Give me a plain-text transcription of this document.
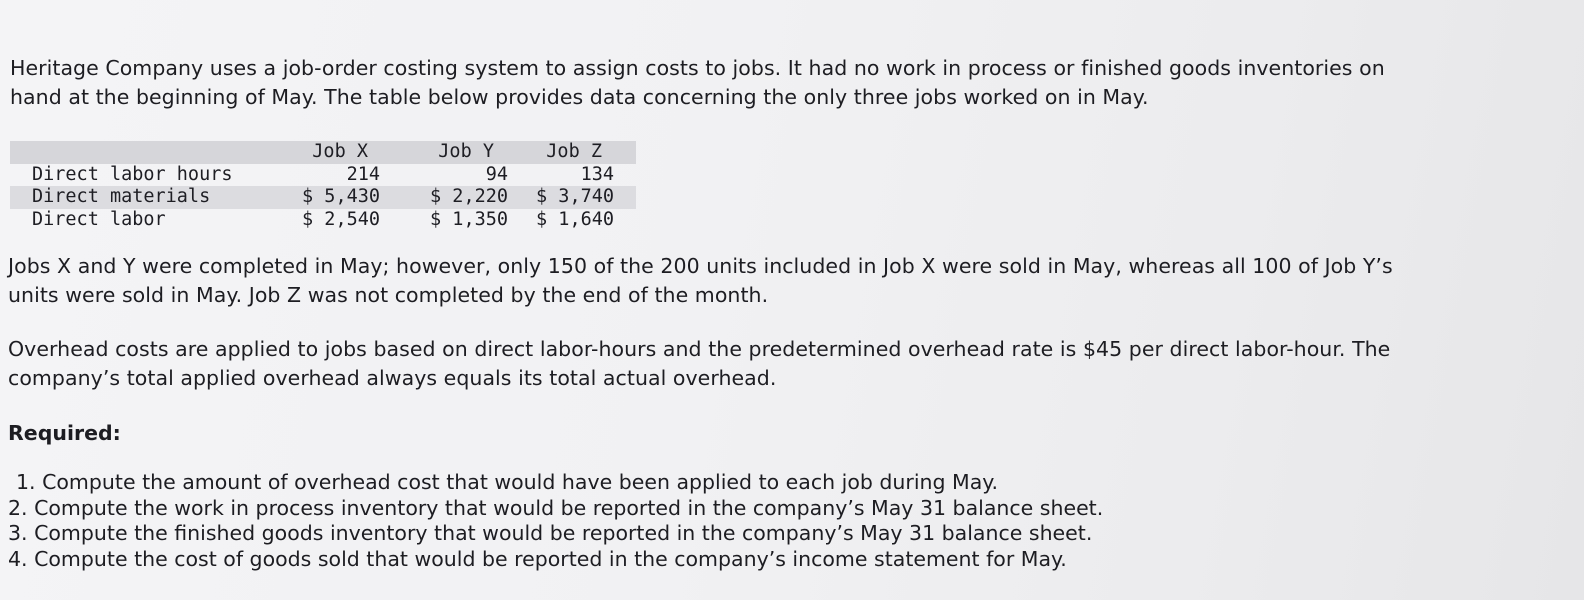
Heritage Company uses a job-order costing system to assign costs to jobs. It had no work in process or finished goods inventories on hand at the beginning of May. The table below provides data concerning the only three jobs worked on in May.

	Job X	Job Y	Job Z
Direct labor hours	214	94	134
Direct materials	$ 5,430	$ 2,220	$ 3,740
Direct labor	$ 2,540	$ 1,350	$ 1,640

Jobs X and Y were completed in May; however, only 150 of the 200 units included in Job X were sold in May, whereas all 100 of Job Y’s units were sold in May. Job Z was not completed by the end of the month.

Overhead costs are applied to jobs based on direct labor-hours and the predetermined overhead rate is $45 per direct labor-hour. The company’s total applied overhead always equals its total actual overhead.

Required:

1. Compute the amount of overhead cost that would have been applied to each job during May.
2. Compute the work in process inventory that would be reported in the company’s May 31 balance sheet.
3. Compute the finished goods inventory that would be reported in the company’s May 31 balance sheet.
4. Compute the cost of goods sold that would be reported in the company’s income statement for May.
